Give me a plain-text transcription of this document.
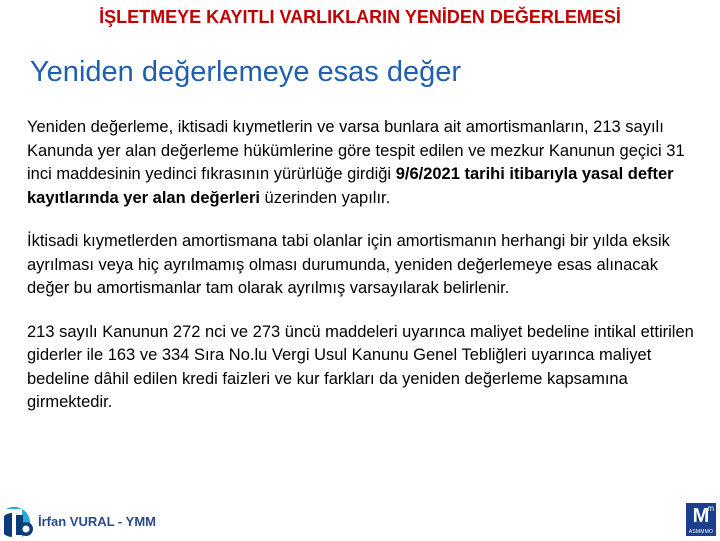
İŞLETMEYE KAYITLI VARLIKLARIN YENİDEN DEĞERLEMESİ
Yeniden değerlemeye esas değer

Yeniden değerleme, iktisadi kıymetlerin ve varsa bunlara ait amortismanların, 213 sayılı Kanunda yer alan değerleme hükümlerine göre tespit edilen ve mezkur Kanunun geçici 31 inci maddesinin yedinci fıkrasının yürürlüğe girdiği 9/6/2021 tarihi itibarıyla yasal defter kayıtlarında yer alan değerleri üzerinden yapılır.

İktisadi kıymetlerden amortismana tabi olanlar için amortismanın herhangi bir yılda eksik ayrılması veya hiç ayrılmamış olması durumunda, yeniden değerlemeye esas alınacak değer bu amortismanlar tam olarak ayrılmış varsayılarak belirlenir.

213 sayılı Kanunun 272 nci ve 273 üncü maddeleri uyarınca maliyet bedeline intikal ettirilen giderler ile 163 ve 334 Sıra No.lu Vergi Usul Kanunu Genel Tebliğleri uyarınca maliyet bedeline dâhil edilen kredi faizleri ve kur farkları da yeniden değerleme kapsamına girmektedir.

İrfan VURAL - YMM
m
M
ASMMMO
